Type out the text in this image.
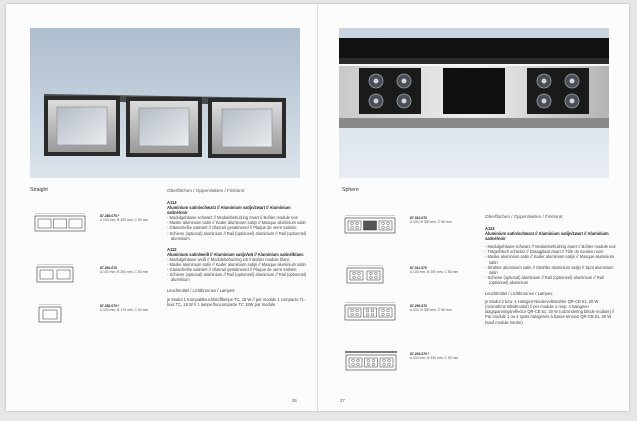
Straight	Oberflächen / Oppervlakten / Finitions:
A113
Aluminium satin/schwarz // Aluminium satijn/zwart // Aluminium satiné/noir
- Modulgehäuse schwarz // Modulebehuizing zwart // Boîtier module noir
- Maske aluminium satin // Kader aluminium satijn // Masque aluminium satin
- Glasscheibe satiniert // Glasruit gesatineerd // Plaque de verre satinée
- Schiene (optional) aluminium // Rail (optioneel) aluminium // Rail (optionnel) aluminium
A112
Aluminium satin/weiß // Aluminium satijn/wit // Aluminium satiné/blanc
- Modulgehäuse weiß // Modulebehuizing wit // Boîtier module blanc
- Maske aluminium satin // Kader aluminium satijn // Masque aluminium satin
- Glasscheibe satiniert // Glasruit gesatineerd // Plaque de verre satinée
- Schiene (optional) aluminium // Rail (optioneel) aluminium // Rail (optionnel) aluminium
Leuchtmittel / Lichtbronnen / Lampes:
je Modul 1 Kompaktleuchtstofflampe TC, 18 W // per module 1 compacte TL-buis TC, 18 W // 1 lampe fluocompacte TC 18W par module
87.280.070.*
A 100 mm, B 330 mm, C 50 mm
87.281.070
A 100 mm, B 250 mm, C 50 mm
87.282.070.*
A 100 mm, B 170 mm, C 50 mm
26
Sphere
Oberflächen / Oppervlakten / Finitions:
A113
Aluminium satin/schwarz // Aluminium satijn/zwart // Aluminium satiné/noir
- Modulgehäuse schwarz // Modulebehuizing zwart // Boîtier module noir
- Trägerblech schwarz // Draagplaat zwart // Tôle de soutien noire
- Maske aluminium satin // Kader aluminium satijn // Masque aluminium satin
- Strahler aluminium satin // Strahler aluminium satijn // Spot aluminium satin
- Schiene (optional) aluminium // Rail (optioneel) aluminium // Rail (optionnel) aluminium
Leuchtmittel / Lichtbronnen / Lampes:
je Modul 2 bzw. 4 Halogen-Niedervoltstrahler QR-CB 51, 20 W (Ausnahme Blindmodul) // per module 1 resp. 4 halogeen laagspanningsreflector QR-CB 51, 20 W (uitzondering blinde module) // Par module 1 ou 4 spots halogènes à basse tension QR-CB 51, 20 W (sauf module neutre)
87.310.070
A 100, B 330 mm, C 50 mm
87.311.070
A 100 mm, B 250 mm, C 50 mm
87.290.070
A 100, B 330 mm, C 50 mm
87.293.070.*
A 100 mm, B 330 mm, C 50 mm
27
